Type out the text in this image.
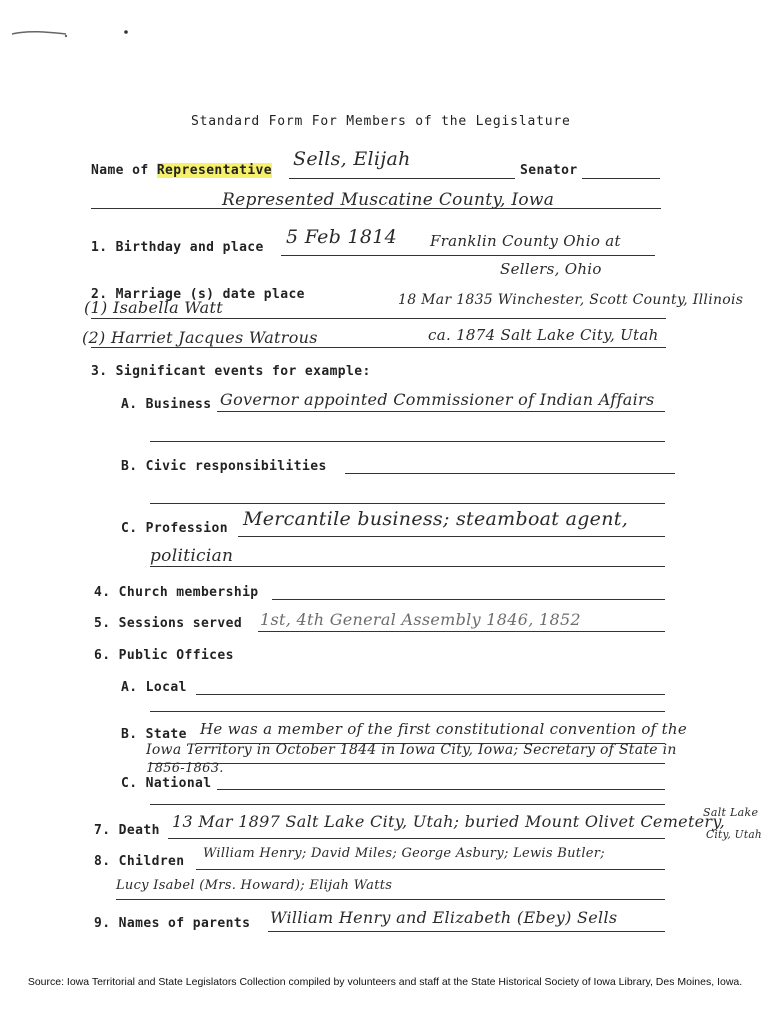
Standard Form For Members of the Legislature
Name of Representative
Sells, Elijah
Senator
Represented Muscatine County, Iowa
1. Birthday and place 5 Feb 1814 Franklin County Ohio at
Sellers, Ohio
2. Marriage (s) date place
(1) Isabella Watt	18 Mar 1835 Winchester, Scott County, Illinois
(2) Harriet Jacques Watrous	ca. 1874 Salt Lake City, Utah
3. Significant events for example:
A. Business Governor appointed Commissioner of Indian Affairs
B. Civic responsibilities
C. Profession Mercantile business; steamboat agent,
politician
4. Church membership
5. Sessions served 1st, 4th General Assembly 1846, 1852
6. Public Offices
A. Local
B. State He was a member of the first constitutional convention of the
Iowa Territory in October 1844 in Iowa City, Iowa; Secretary of State in
1856-1863.
C. National
7. Death 13 Mar 1897 Salt Lake City, Utah; buried Mount Olivet Cemetery,
Salt Lake
City, Utah
8. Children
William Henry; David Miles; George Asbury; Lewis Butler;
Lucy Isabel (Mrs. Howard); Elijah Watts
9. Names of parents William Henry and Elizabeth (Ebey) Sells
Source: Iowa Territorial and State Legislators Collection compiled by volunteers and staff at the State Historical Society of Iowa Library, Des Moines, Iowa.
